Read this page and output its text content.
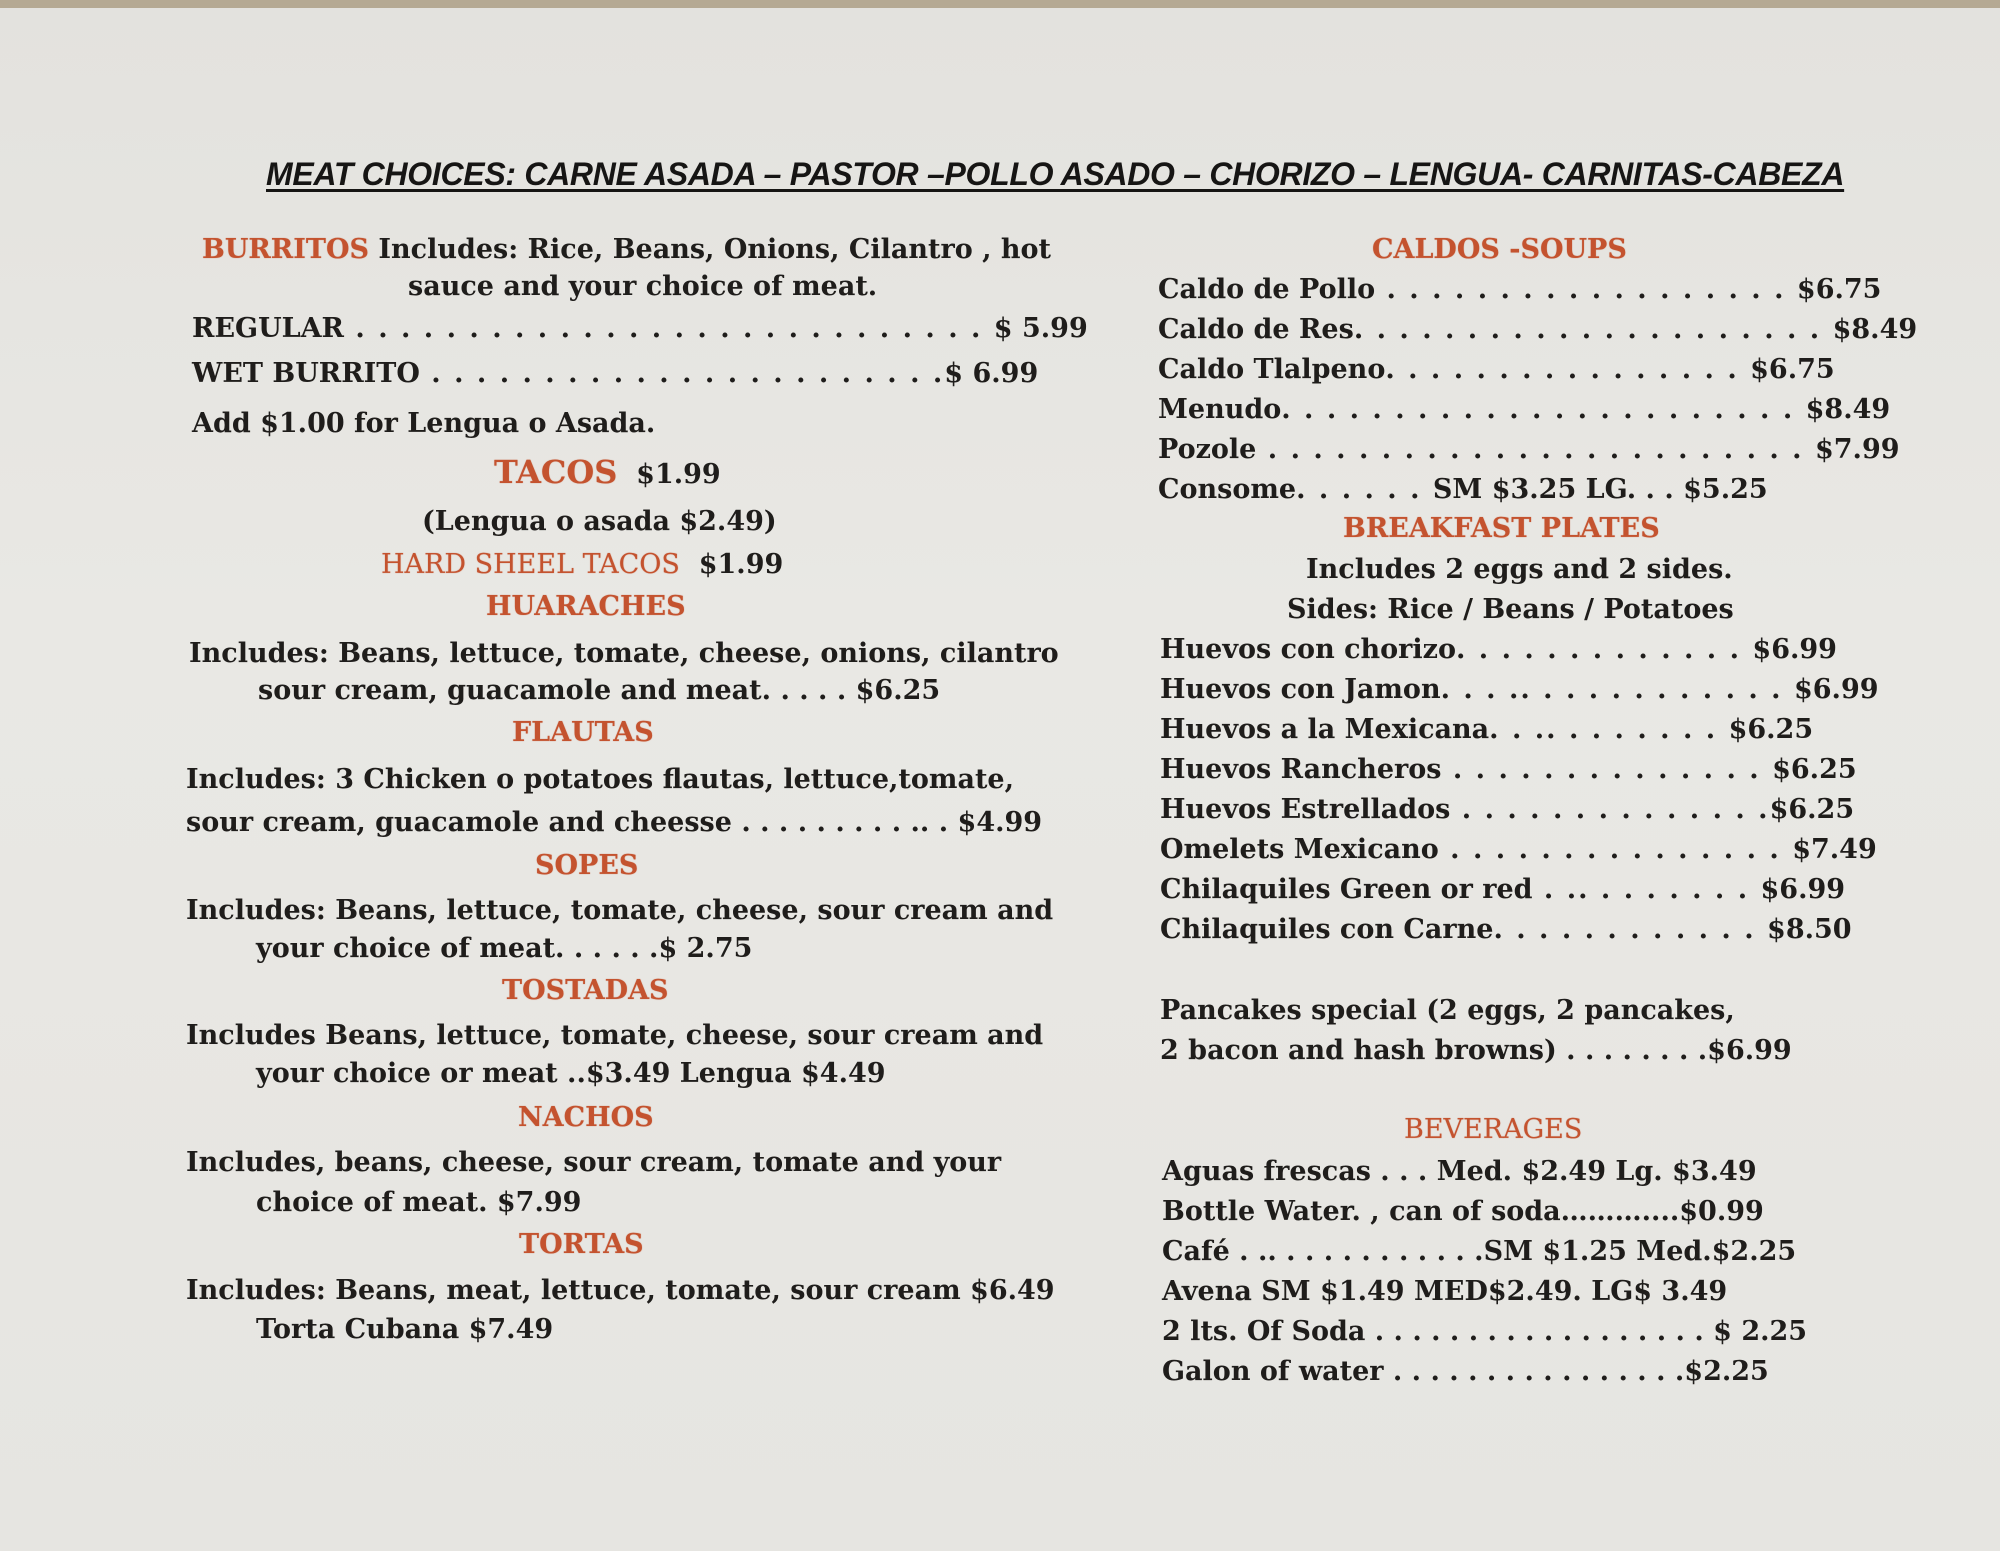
MEAT CHOICES: CARNE ASADA – PASTOR –POLLO ASADO – CHORIZO – LENGUA- CARNITAS-CABEZA
BURRITOS Includes: Rice, Beans, Onions, Cilantro , hot
sauce and your choice of meat.
REGULAR . . . . . . . . . . . . . . . . . . . . . . . . . . . . $ 5.99
WET BURRITO . . . . . . . . . . . . . . . . . . . . . . .$ 6.99
Add $1.00 for Lengua o Asada.
TACOS $1.99
(Lengua o asada $2.49)
HARD SHEEL TACOS $1.99
HUARACHES
Includes: Beans, lettuce, tomate, cheese, onions, cilantro
sour cream, guacamole and meat. . . . . $6.25
FLAUTAS
Includes: 3 Chicken o potatoes flautas, lettuce,tomate,
sour cream, guacamole and cheesse . . . . . . . . . .. . $4.99
SOPES
Includes: Beans, lettuce, tomate, cheese, sour cream and
your choice of meat. . . . . .$ 2.75
TOSTADAS
Includes Beans, lettuce, tomate, cheese, sour cream and
your choice or meat ..$3.49 Lengua $4.49
NACHOS
Includes, beans, cheese, sour cream, tomate and your
choice of meat. $7.99
TORTAS
Includes: Beans, meat, lettuce, tomate, sour cream $6.49
Torta Cubana $7.49
CALDOS -SOUPS
Caldo de Pollo . . . . . . . . . . . . . . . . . . $6.75
Caldo de Res. . . . . . . . . . . . . . . . . . . . . $8.49
Caldo Tlalpeno. . . . . . . . . . . . . . . . $6.75
Menudo. . . . . . . . . . . . . . . . . . . . . . . $8.49
Pozole . . . . . . . . . . . . . . . . . . . . . . . . $7.99
Consome. . . . . . SM $3.25 LG. . . $5.25
BREAKFAST PLATES
Includes 2 eggs and 2 sides.
Sides: Rice / Beans / Potatoes
Huevos con chorizo. . . . . . . . . . . . . $6.99
Huevos con Jamon. . . .. . . . . . . . . . . . $6.99
Huevos a la Mexicana. . .. . . . . . . . $6.25
Huevos Rancheros . . . . . . . . . . . . . . $6.25
Huevos Estrellados . . . . . . . . . . . . . .$6.25
Omelets Mexicano . . . . . . . . . . . . . . . $7.49
Chilaquiles Green or red . .. . . . . . . . $6.99
Chilaquiles con Carne. . . . . . . . . . . . $8.50
Pancakes special (2 eggs, 2 pancakes,
2 bacon and hash browns) . . . . . . . .$6.99
BEVERAGES
Aguas frescas . . . Med. $2.49 Lg. $3.49
Bottle Water. , can of soda………....$0.99
Café . .. . . . . . . . . . . .SM $1.25 Med.$2.25
Avena SM $1.49 MED$2.49. LG$ 3.49
2 lts. Of Soda . . . . . . . . . . . . . . . . . . $ 2.25
Galon of water . . . . . . . . . . . . . . . .$2.25
